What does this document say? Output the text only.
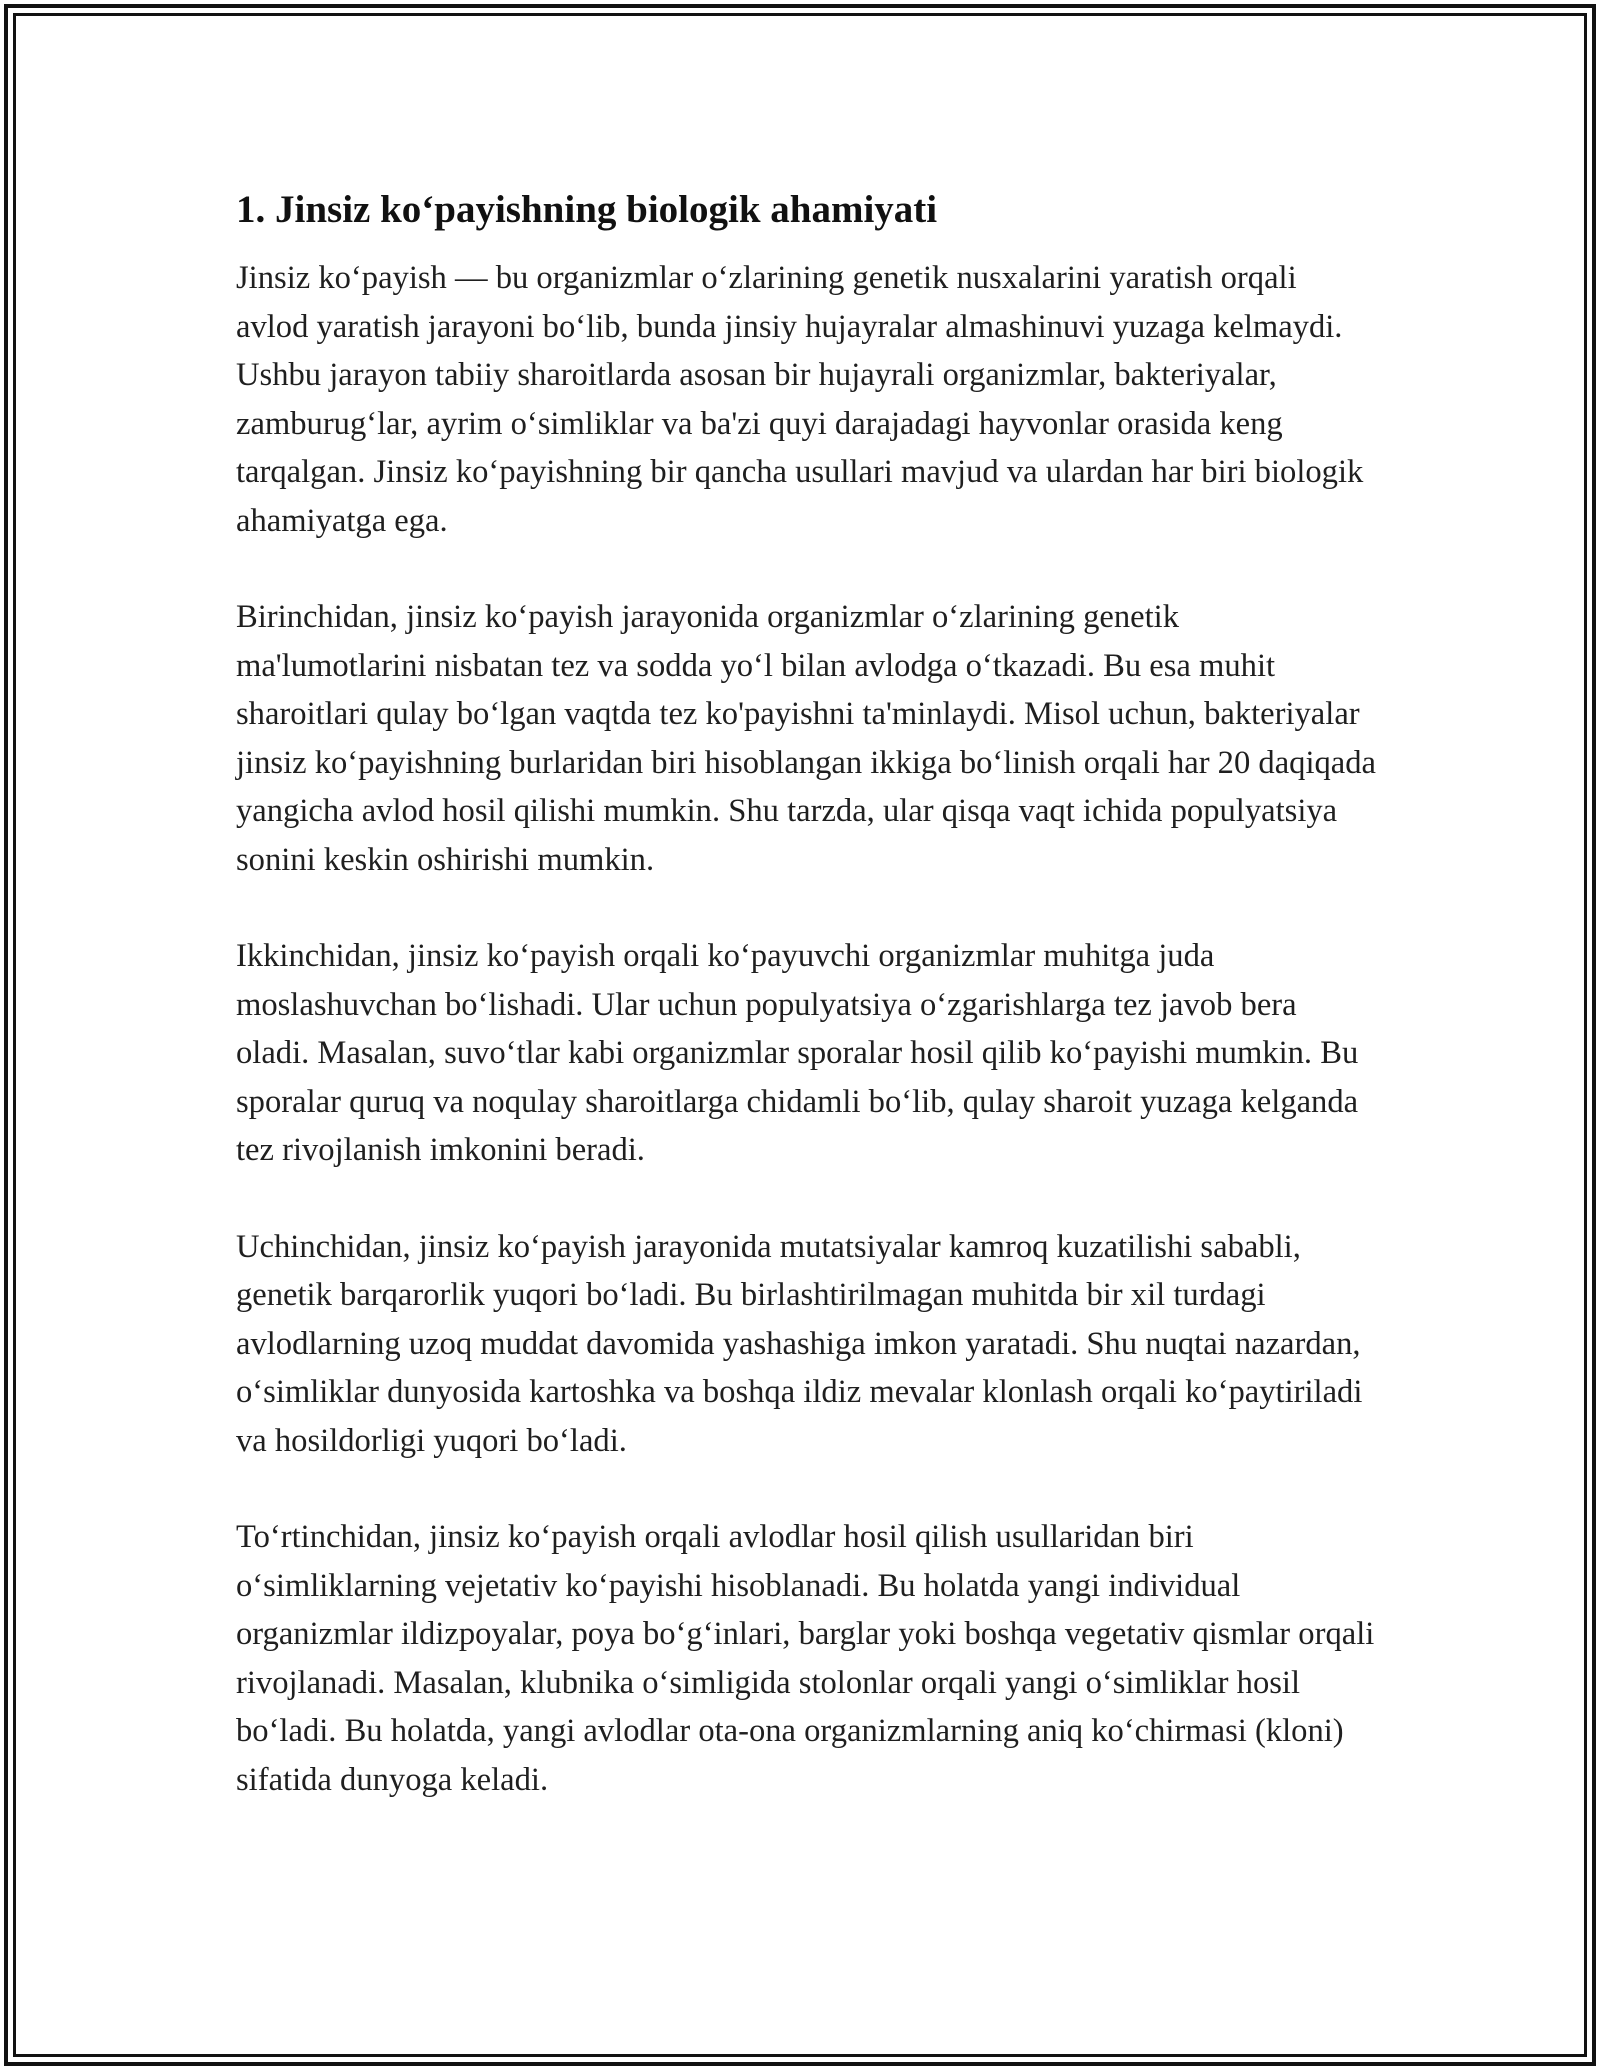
1. Jinsiz ko‘payishning biologik ahamiyati

Jinsiz ko‘payish — bu organizmlar o‘zlarining genetik nusxalarini yaratish orqali avlod yaratish jarayoni bo‘lib, bunda jinsiy hujayralar almashinuvi yuzaga kelmaydi. Ushbu jarayon tabiiy sharoitlarda asosan bir hujayrali organizmlar, bakteriyalar, zamburug‘lar, ayrim o‘simliklar va ba'zi quyi darajadagi hayvonlar orasida keng tarqalgan. Jinsiz ko‘payishning bir qancha usullari mavjud va ulardan har biri biologik ahamiyatga ega.

Birinchidan, jinsiz ko‘payish jarayonida organizmlar o‘zlarining genetik ma'lumotlarini nisbatan tez va sodda yo‘l bilan avlodga o‘tkazadi. Bu esa muhit sharoitlari qulay bo‘lgan vaqtda tez ko'payishni ta'minlaydi. Misol uchun, bakteriyalar jinsiz ko‘payishning burlaridan biri hisoblangan ikkiga bo‘linish orqali har 20 daqiqada yangicha avlod hosil qilishi mumkin. Shu tarzda, ular qisqa vaqt ichida populyatsiya sonini keskin oshirishi mumkin.

Ikkinchidan, jinsiz ko‘payish orqali ko‘payuvchi organizmlar muhitga juda moslashuvchan bo‘lishadi. Ular uchun populyatsiya o‘zgarishlarga tez javob bera oladi. Masalan, suvo‘tlar kabi organizmlar sporalar hosil qilib ko‘payishi mumkin. Bu sporalar quruq va noqulay sharoitlarga chidamli bo‘lib, qulay sharoit yuzaga kelganda tez rivojlanish imkonini beradi.

Uchinchidan, jinsiz ko‘payish jarayonida mutatsiyalar kamroq kuzatilishi sababli, genetik barqarorlik yuqori bo‘ladi. Bu birlashtirilmagan muhitda bir xil turdagi avlodlarning uzoq muddat davomida yashashiga imkon yaratadi. Shu nuqtai nazardan, o‘simliklar dunyosida kartoshka va boshqa ildiz mevalar klonlash orqali ko‘paytiriladi va hosildorligi yuqori bo‘ladi.

To‘rtinchidan, jinsiz ko‘payish orqali avlodlar hosil qilish usullaridan biri o‘simliklarning vejetativ ko‘payishi hisoblanadi. Bu holatda yangi individual organizmlar ildizpoyalar, poya bo‘g‘inlari, barglar yoki boshqa vegetativ qismlar orqali rivojlanadi. Masalan, klubnika o‘simligida stolonlar orqali yangi o‘simliklar hosil bo‘ladi. Bu holatda, yangi avlodlar ota-ona organizmlarning aniq ko‘chirmasi (kloni) sifatida dunyoga keladi.
